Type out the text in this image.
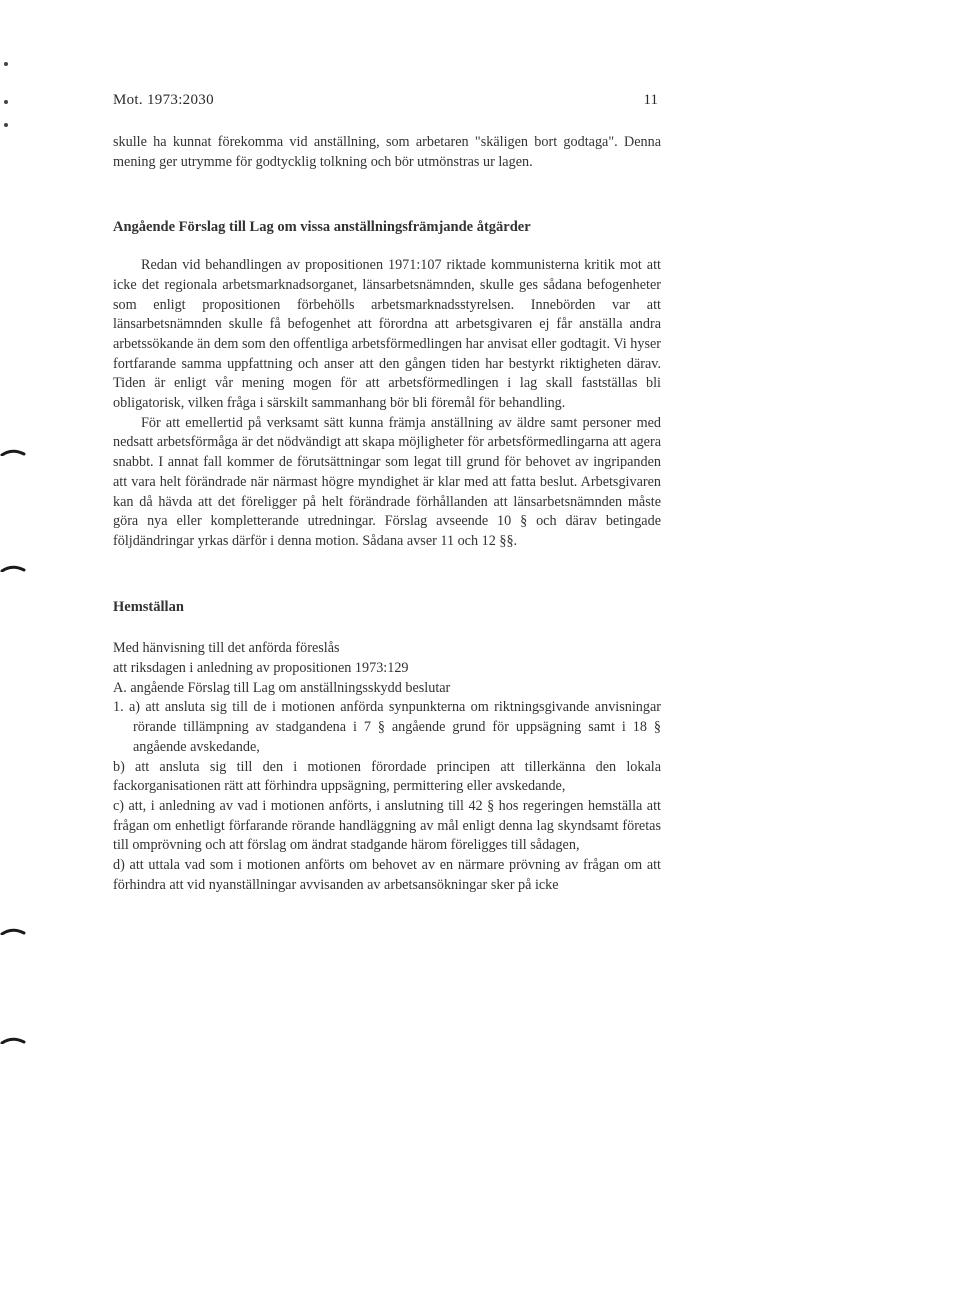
Mot. 1973:2030	11

skulle ha kunnat förekomma vid anställning, som arbetaren "skäligen bort godtaga". Denna mening ger utrymme för godtycklig tolkning och bör utmönstras ur lagen.

Angående Förslag till Lag om vissa anställningsfrämjande åtgärder

Redan vid behandlingen av propositionen 1971:107 riktade kommunisterna kritik mot att icke det regionala arbetsmarknadsorganet, länsarbetsnämnden, skulle ges sådana befogenheter som enligt propositionen förbehölls arbetsmarknadsstyrelsen. Innebörden var att länsarbetsnämnden skulle få befogenhet att förordna att arbetsgivaren ej får anställa andra arbetssökande än dem som den offentliga arbetsförmedlingen har anvisat eller godtagit. Vi hyser fortfarande samma uppfattning och anser att den gången tiden har bestyrkt riktigheten därav. Tiden är enligt vår mening mogen för att arbetsförmedlingen i lag skall fastställas bli obligatorisk, vilken fråga i särskilt sammanhang bör bli föremål för behandling.

För att emellertid på verksamt sätt kunna främja anställning av äldre samt personer med nedsatt arbetsförmåga är det nödvändigt att skapa möjligheter för arbetsförmedlingarna att agera snabbt. I annat fall kommer de förutsättningar som legat till grund för behovet av ingripanden att vara helt förändrade när närmast högre myndighet är klar med att fatta beslut. Arbetsgivaren kan då hävda att det föreligger på helt förändrade förhållanden att länsarbetsnämnden måste göra nya eller kompletterande utredningar. Förslag avseende 10 § och därav betingade följdändringar yrkas därför i denna motion. Sådana avser 11 och 12 §§.

Hemställan

Med hänvisning till det anförda föreslås

att riksdagen i anledning av propositionen 1973:129

A. angående Förslag till Lag om anställningsskydd beslutar

1. a) att ansluta sig till de i motionen anförda synpunkterna om riktningsgivande anvisningar rörande tillämpning av stadgandena i 7 § angående grund för uppsägning samt i 18 § angående avskedande,

b) att ansluta sig till den i motionen förordade principen att tillerkänna den lokala fackorganisationen rätt att förhindra uppsägning, permittering eller avskedande,

c) att, i anledning av vad i motionen anförts, i anslutning till 42 § hos regeringen hemställa att frågan om enhetligt förfarande rörande handläggning av mål enligt denna lag skyndsamt företas till omprövning och att förslag om ändrat stadgande härom föreligges till sådagen,

d) att uttala vad som i motionen anförts om behovet av en närmare prövning av frågan om att förhindra att vid nyanställningar avvisanden av arbetsansökningar sker på icke
